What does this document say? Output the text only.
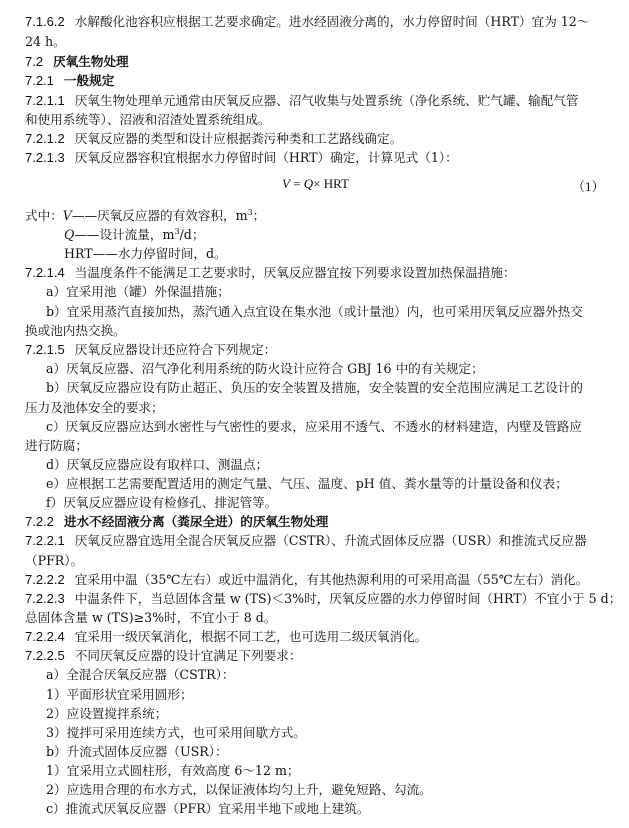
7.1.6.2 水解酸化池容积应根据工艺要求确定。进水经固液分离的，水力停留时间（HRT）宜为 12～
24 h。
7.2 厌氧生物处理
7.2.1 一般规定
7.2.1.1 厌氧生物处理单元通常由厌氧反应器、沼气收集与处置系统（净化系统、贮气罐、输配气管
和使用系统等）、沼液和沼渣处置系统组成。
7.2.1.2 厌氧反应器的类型和设计应根据粪污种类和工艺路线确定。
7.2.1.3 厌氧反应器容积宜根据水力停留时间（HRT）确定，计算见式（1）：
V = Q× HRT	（1）
式中：V——厌氧反应器的有效容积，$m^3$；
Q——设计流量，$m^3/d$；
HRT——水力停留时间，d。
7.2.1.4 当温度条件不能满足工艺要求时，厌氧反应器宜按下列要求设置加热保温措施：
a）宜采用池（罐）外保温措施；
b）宜采用蒸汽直接加热，蒸汽通入点宜设在集水池（或计量池）内，也可采用厌氧反应器外热交
换或池内热交换。
7.2.1.5 厌氧反应器设计还应符合下列规定：
a）厌氧反应器、沼气净化利用系统的防火设计应符合 GBJ 16 中的有关规定；
b）厌氧反应器应设有防止超正、负压的安全装置及措施，安全装置的安全范围应满足工艺设计的
压力及池体安全的要求；
c）厌氧反应器应达到水密性与气密性的要求，应采用不透气、不透水的材料建造，内壁及管路应
进行防腐；
d）厌氧反应器应设有取样口、测温点；
e）应根据工艺需要配置适用的测定气量、气压、温度、pH 值、粪水量等的计量设备和仪表；
f）厌氧反应器应设有检修孔、排泥管等。
7.2.2 进水不经固液分离（粪尿全进）的厌氧生物处理
7.2.2.1 厌氧反应器宜选用全混合厌氧反应器（CSTR）、升流式固体反应器（USR）和推流式反应器
（PFR）。
7.2.2.2 宜采用中温（35℃左右）或近中温消化，有其他热源利用的可采用高温（55℃左右）消化。
7.2.2.3 中温条件下，当总固体含量 w (TS)＜3%时，厌氧反应器的水力停留时间（HRT）不宜小于 5 d；
总固体含量 w (TS)≥3%时，不宜小于 8 d。
7.2.2.4 宜采用一级厌氧消化，根据不同工艺，也可选用二级厌氧消化。
7.2.2.5 不同厌氧反应器的设计宜满足下列要求：
a）全混合厌氧反应器（CSTR）：
1）平面形状宜采用圆形；
2）应设置搅拌系统；
3）搅拌可采用连续方式，也可采用间歇方式。
b）升流式固体反应器（USR）：
1）宜采用立式圆柱形，有效高度 6～12 m；
2）应选用合理的布水方式，以保证液体均匀上升，避免短路、勾流。
c）推流式厌氧反应器（PFR）宜采用半地下或地上建筑。
